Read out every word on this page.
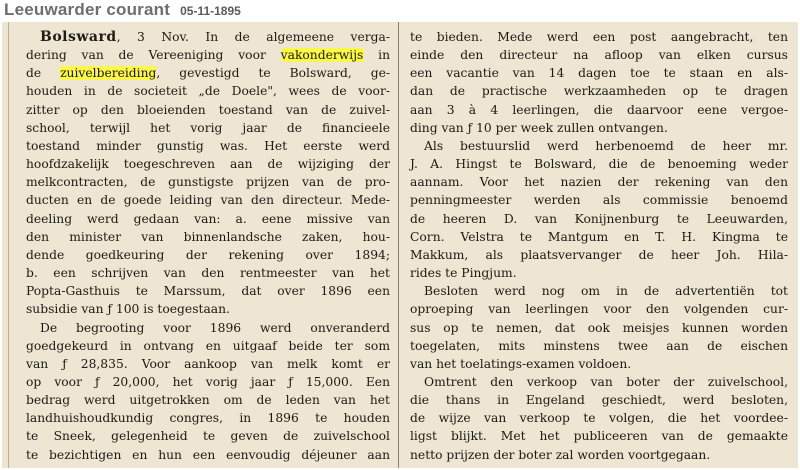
Leeuwarder courant 05-11-1895
Bolsward, 3 Nov. In de algemeene verga-
dering van de Vereeniging voor vakonderwijs in
de zuivelbereiding, gevestigd te Bolsward, ge-
houden in de societeit „de Doele", wees de voor-
zitter op den bloeienden toestand van de zuivel-
school, terwijl het vorig jaar de financieele
toestand minder gunstig was. Het eerste werd
hoofdzakelijk toegeschreven aan de wijziging der
melkcontracten, de gunstigste prijzen van de pro-
ducten en de goede leiding van den directeur. Mede-
deeling werd gedaan van: a. eene missive van
den minister van binnenlandsche zaken, hou-
dende goedkeuring der rekening over 1894;
b. een schrijven van den rentmeester van het
Popta-Gasthuis te Marssum, dat over 1896 een
subsidie van ƒ 100 is toegestaan.
De begrooting voor 1896 werd onveranderd
goedgekeurd in ontvang en uitgaaf beide ter som
van ƒ 28,835. Voor aankoop van melk komt er
op voor ƒ 20,000, het vorig jaar ƒ 15,000. Een
bedrag werd uitgetrokken om de leden van het
landhuishoudkundig congres, in 1896 te houden
te Sneek, gelegenheid te geven de zuivelschool
te bezichtigen en hun een eenvoudig déjeuner aan
te bieden. Mede werd een post aangebracht, ten
einde den directeur na afloop van elken cursus
een vacantie van 14 dagen toe te staan en als-
dan de practische werkzaamheden op te dragen
aan 3 à 4 leerlingen, die daarvoor eene vergoe-
ding van ƒ 10 per week zullen ontvangen.
Als bestuurslid werd herbenoemd de heer mr.
J. A. Hingst te Bolsward, die de benoeming weder
aannam. Voor het nazien der rekening van den
penningmeester werden als commissie benoemd
de heeren D. van Konijnenburg te Leeuwarden,
Corn. Velstra te Mantgum en T. H. Kingma te
Makkum, als plaatsvervanger de heer Joh. Hila-
rides te Pingjum.
Besloten werd nog om in de advertentiën tot
oproeping van leerlingen voor den volgenden cur-
sus op te nemen, dat ook meisjes kunnen worden
toegelaten, mits minstens twee aan de eischen
van het toelatings-examen voldoen.
Omtrent den verkoop van boter der zuivelschool,
die thans in Engeland geschiedt, werd besloten,
de wijze van verkoop te volgen, die het voordee-
ligst blijkt. Met het publiceeren van de gemaakte
netto prijzen der boter zal worden voortgegaan.
